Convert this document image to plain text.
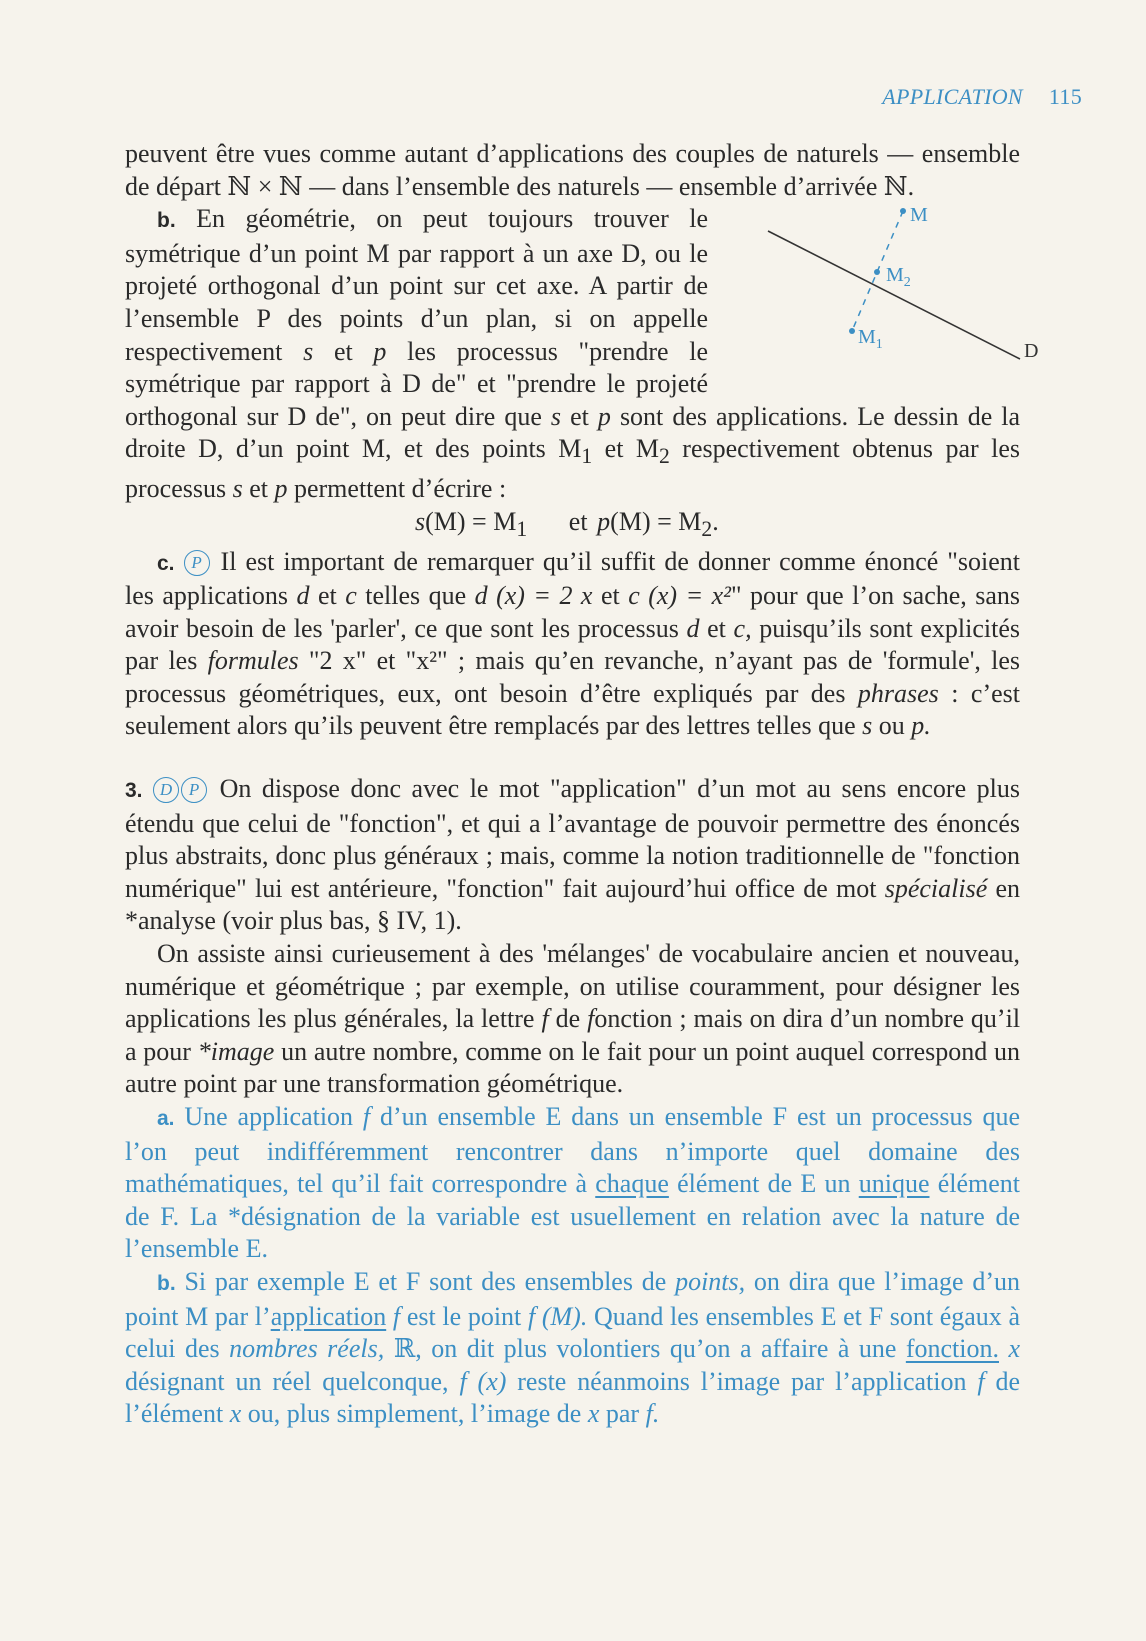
APPLICATION 115

peuvent être vues comme autant d’applications des couples de naturels — ensemble de départ ℕ × ℕ — dans l’ensemble des naturels — ensemble d’arrivée ℕ.

M
$M_2$
$M_1$	D

b. En géométrie, on peut toujours trouver le symétrique d’un point M par rapport à un axe D, ou le projeté orthogonal d’un point sur cet axe. A partir de l’ensemble P des points d’un plan, si on appelle respectivement s et p les processus "prendre le symétrique par rapport à D de" et "prendre le projeté orthogonal sur D de", on peut dire que s et p sont des applications. Le dessin de la droite D, d’un point M, et des points $M_1$ et $M_2$ respectivement obtenus par les processus s et p permettent d’écrire :
$s(M) = M_1$ et $p(M) = M_2$.

c. P Il est important de remarquer qu’il suffit de donner comme énoncé "soient les applications d et c telles que d (x) = 2 x et c (x) = x²" pour que l’on sache, sans avoir besoin de les 'parler', ce que sont les processus d et c, puisqu’ils sont explicités par les formules "2 x" et "x²" ; mais qu’en revanche, n’ayant pas de 'formule', les processus géométriques, eux, ont besoin d’être expliqués par des phrases : c’est seulement alors qu’ils peuvent être remplacés par des lettres telles que s ou p.

3. D P On dispose donc avec le mot "application" d’un mot au sens encore plus étendu que celui de "fonction", et qui a l’avantage de pouvoir permettre des énoncés plus abstraits, donc plus généraux ; mais, comme la notion traditionnelle de "fonction numérique" lui est antérieure, "fonction" fait aujourd’hui office de mot spécialisé en *analyse (voir plus bas, § IV, 1).

On assiste ainsi curieusement à des 'mélanges' de vocabulaire ancien et nouveau, numérique et géométrique ; par exemple, on utilise couramment, pour désigner les applications les plus générales, la lettre f de fonction ; mais on dira d’un nombre qu’il a pour *image un autre nombre, comme on le fait pour un point auquel correspond un autre point par une transformation géométrique.

a. Une application f d’un ensemble E dans un ensemble F est un processus que l’on peut indifféremment rencontrer dans n’importe quel domaine des mathématiques, tel qu’il fait correspondre à chaque élément de E un unique élément de F. La *désignation de la variable est usuellement en relation avec la nature de l’ensemble E.

b. Si par exemple E et F sont des ensembles de points, on dira que l’image d’un point M par l’application f est le point f (M). Quand les ensembles E et F sont égaux à celui des nombres réels, ℝ, on dit plus volontiers qu’on a affaire à une fonction. x désignant un réel quelconque, f (x) reste néanmoins l’image par l’application f de l’élément x ou, plus simplement, l’image de x par f.
